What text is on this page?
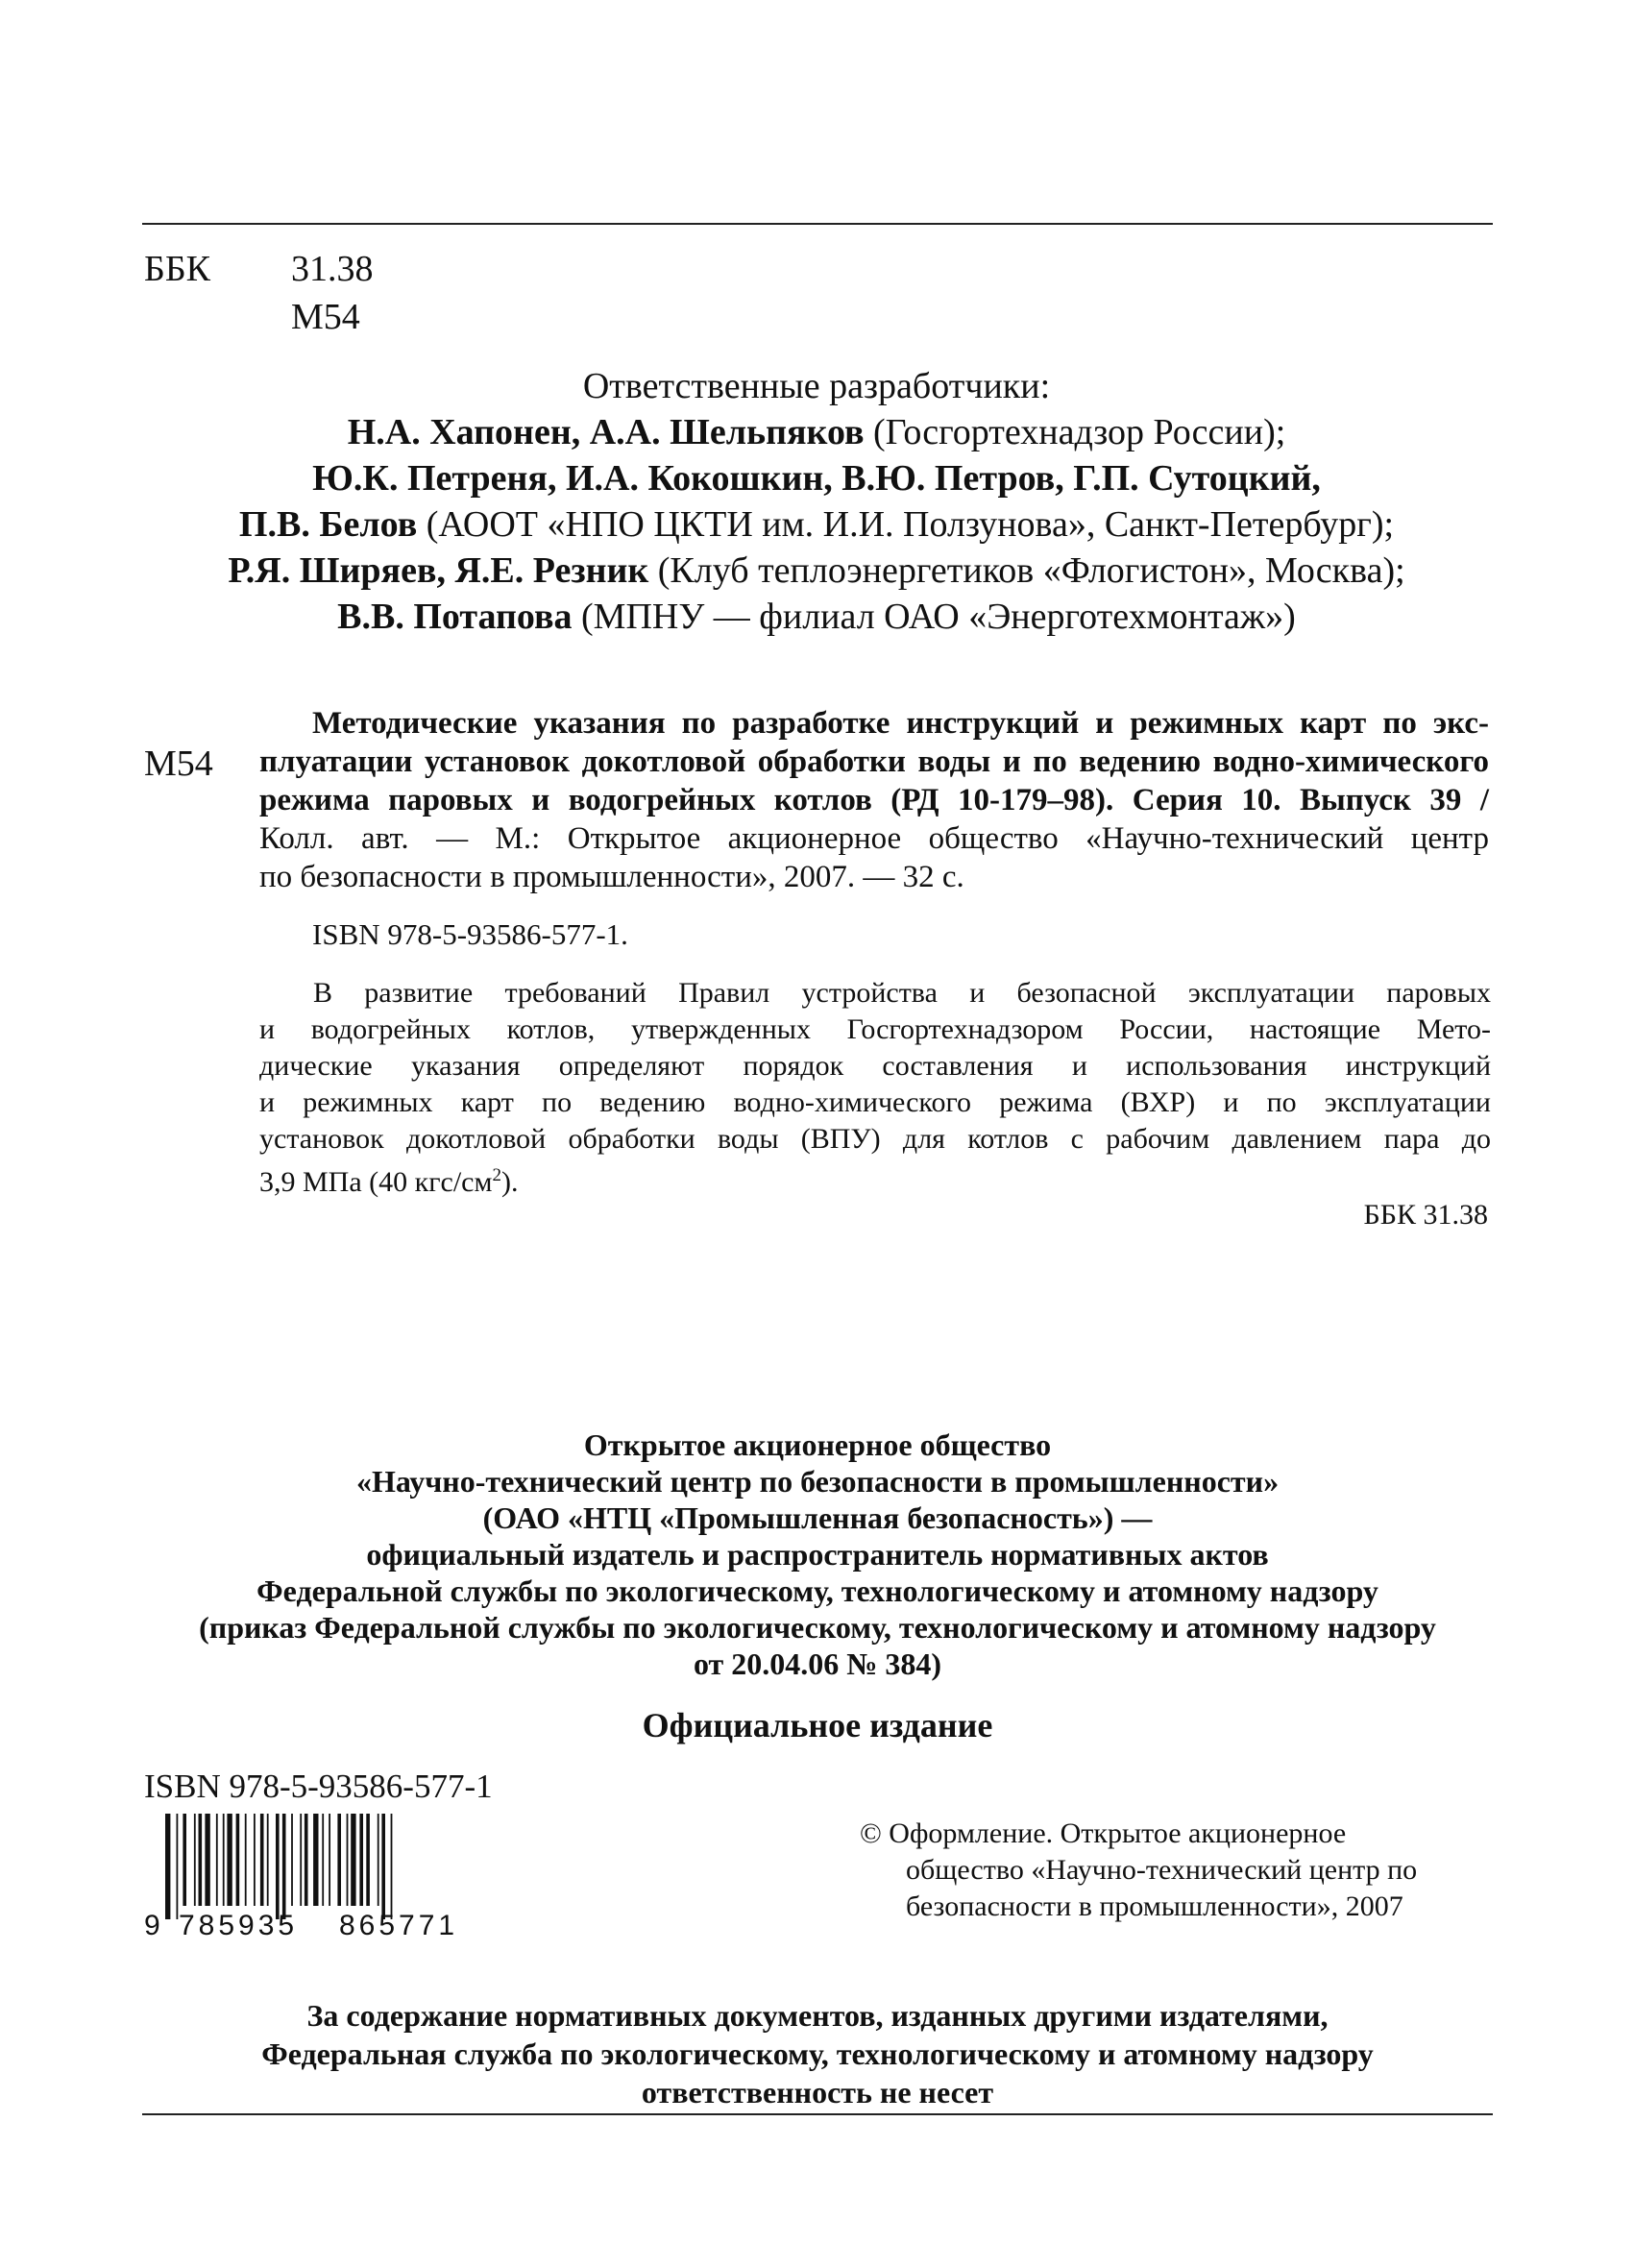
ББК 31.38
М54
Ответственные разработчики:
Н.А. Хапонен, А.А. Шельпяков (Госгортехнадзор России);
Ю.К. Петреня, И.А. Кокошкин, В.Ю. Петров, Г.П. Сутоцкий,
П.В. Белов (АООТ «НПО ЦКТИ им. И.И. Ползунова», Санкт-Петербург);
Р.Я. Ширяев, Я.Е. Резник (Клуб теплоэнергетиков «Флогистон», Москва);
В.В. Потапова (МПНУ — филиал ОАО «Энерготехмонтаж»)
М54
Методические указания по разработке инструкций и режимных карт по экс-
плуатации установок докотловой обработки воды и по ведению водно-химического
режима паровых и водогрейных котлов (РД 10-179–98). Серия 10. Выпуск 39 /
Колл. авт. — М.: Открытое акционерное общество «Научно-технический центр
по безопасности в промышленности», 2007. — 32 с.
ISBN 978-5-93586-577-1.
В развитие требований Правил устройства и безопасной эксплуатации паровых
и водогрейных котлов, утвержденных Госгортехнадзором России, настоящие Мето-
дические указания определяют порядок составления и использования инструкций
и режимных карт по ведению водно-химического режима (ВХР) и по эксплуатации
установок докотловой обработки воды (ВПУ) для котлов с рабочим давлением пара до
3,9 МПа (40 кгс/$см^2$).
ББК 31.38
Открытое акционерное общество
«Научно-технический центр по безопасности в промышленности»
(ОАО «НТЦ «Промышленная безопасность») —
официальный издатель и распространитель нормативных актов
Федеральной службы по экологическому, технологическому и атомному надзору
(приказ Федеральной службы по экологическому, технологическому и атомному надзору
от 20.04.06 № 384)
Официальное издание
ISBN 978-5-93586-577-1
9 785935 865771
© Оформление. Открытое акционерное
общество «Научно-технический центр по
безопасности в промышленности», 2007
За содержание нормативных документов, изданных другими издателями,
Федеральная служба по экологическому, технологическому и атомному надзору
ответственность не несет
